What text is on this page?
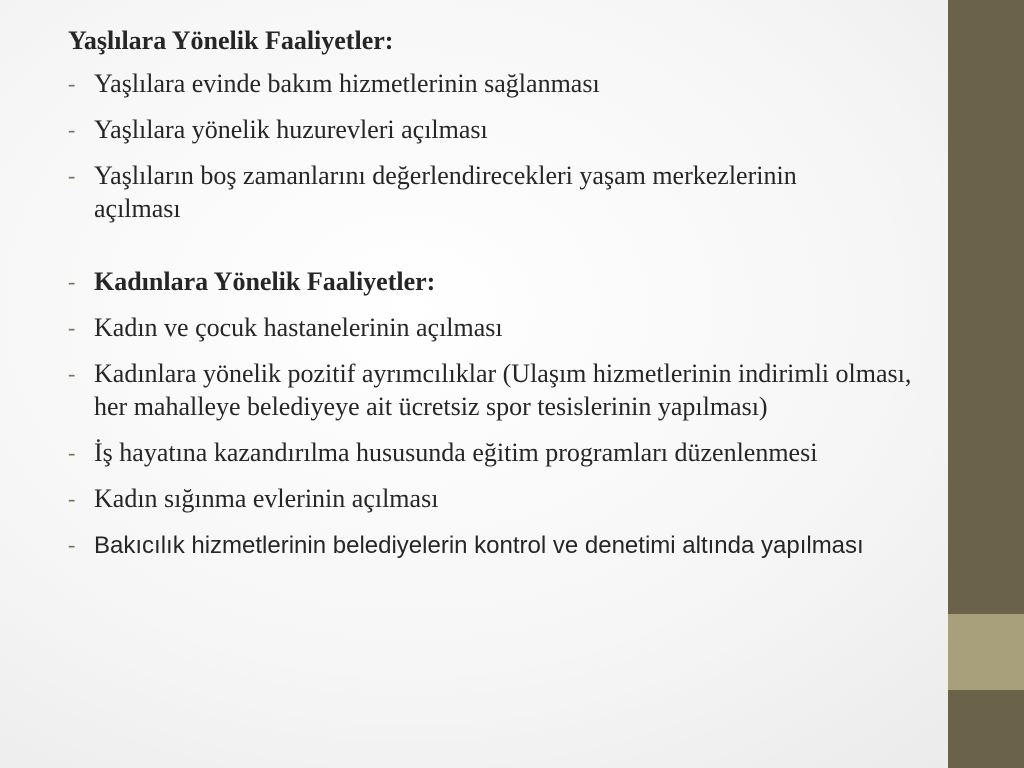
Yaşlılara Yönelik Faaliyetler:
- Yaşlılara evinde bakım hizmetlerinin sağlanması
- Yaşlılara yönelik huzurevleri açılması
- Yaşlıların boş zamanlarını değerlendirecekleri yaşam merkezlerinin açılması
- Kadınlara Yönelik Faaliyetler:
- Kadın ve çocuk hastanelerinin açılması
- Kadınlara yönelik pozitif ayrımcılıklar (Ulaşım hizmetlerinin indirimli olması, her mahalleye belediyeye ait ücretsiz spor tesislerinin yapılması)
- İş hayatına kazandırılma hususunda eğitim programları düzenlenmesi
- Kadın sığınma evlerinin açılması
- Bakıcılık hizmetlerinin belediyelerin kontrol ve denetimi altında yapılması
